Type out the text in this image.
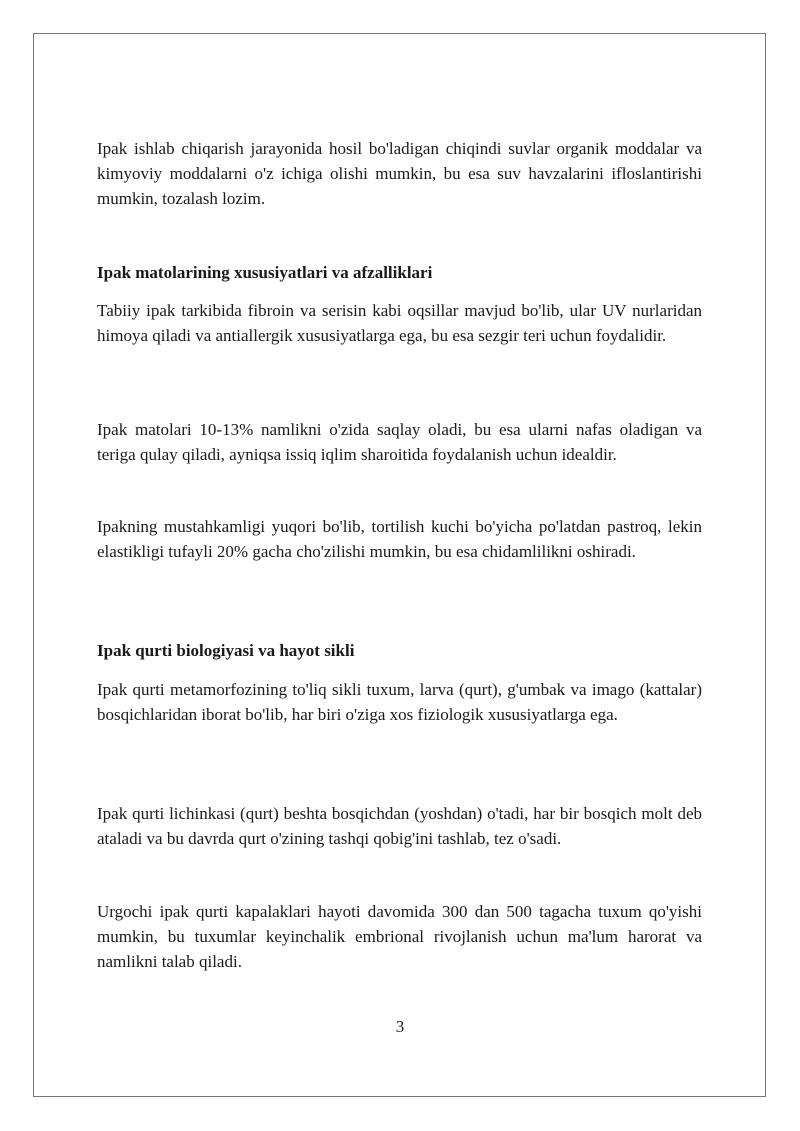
Ipak ishlab chiqarish jarayonida hosil bo'ladigan chiqindi suvlar organik moddalar va kimyoviy moddalarni o'z ichiga olishi mumkin, bu esa suv havzalarini ifloslantirishi mumkin, tozalash lozim.

Ipak matolarining xususiyatlari va afzalliklari

Tabiiy ipak tarkibida fibroin va serisin kabi oqsillar mavjud bo'lib, ular UV nurlaridan himoya qiladi va antiallergik xususiyatlarga ega, bu esa sezgir teri uchun foydalidir.

Ipak matolari 10-13% namlikni o'zida saqlay oladi, bu esa ularni nafas oladigan va teriga qulay qiladi, ayniqsa issiq iqlim sharoitida foydalanish uchun idealdir.

Ipakning mustahkamligi yuqori bo'lib, tortilish kuchi bo'yicha po'latdan pastroq, lekin elastikligi tufayli 20% gacha cho'zilishi mumkin, bu esa chidamlilikni oshiradi.

Ipak qurti biologiyasi va hayot sikli

Ipak qurti metamorfozining to'liq sikli tuxum, larva (qurt), g'umbak va imago (kattalar) bosqichlaridan iborat bo'lib, har biri o'ziga xos fiziologik xususiyatlarga ega.

Ipak qurti lichinkasi (qurt) beshta bosqichdan (yoshdan) o'tadi, har bir bosqich molt deb ataladi va bu davrda qurt o'zining tashqi qobig'ini tashlab, tez o'sadi.

Urgochi ipak qurti kapalaklari hayoti davomida 300 dan 500 tagacha tuxum qo'yishi mumkin, bu tuxumlar keyinchalik embrional rivojlanish uchun ma'lum harorat va namlikni talab qiladi.

3
